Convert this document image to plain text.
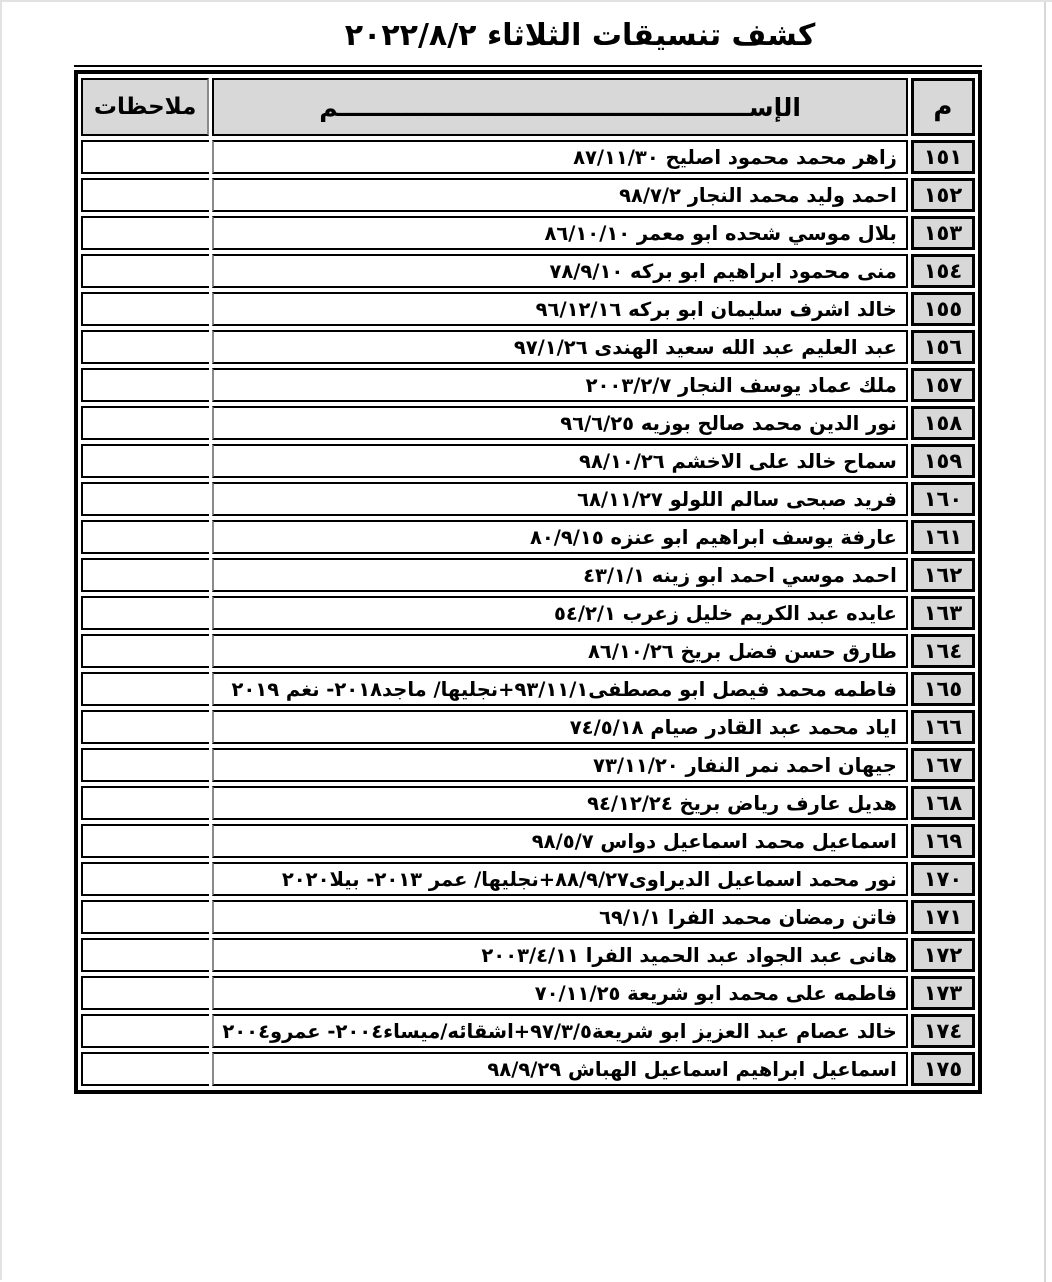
كشف تنسيقات الثلاثاء ٢٠٢٢/٨/٢
م	الإســــــــــــــــــــــــــــــــــــــــــــــــم	ملاحظات
١٥١	زاهر محمد محمود اصليح ٨٧/١١/٣٠	
١٥٢	احمد وليد محمد النجار ٩٨/٧/٢	
١٥٣	بلال موسي شحده ابو معمر ٨٦/١٠/١٠	
١٥٤	منى محمود ابراهيم ابو بركه ٧٨/٩/١٠	
١٥٥	خالد اشرف سليمان ابو بركه ٩٦/١٢/١٦	
١٥٦	عبد العليم عبد الله سعيد الهندى ٩٧/١/٢٦	
١٥٧	ملك عماد يوسف النجار ٢٠٠٣/٢/٧	
١٥٨	نور الدين محمد صالح بوزيه ٩٦/٦/٢٥	
١٥٩	سماح خالد على الاخشم ٩٨/١٠/٢٦	
١٦٠	فريد صبحى سالم اللولو ٦٨/١١/٢٧	
١٦١	عارفة يوسف ابراهيم ابو عنزه ٨٠/٩/١٥	
١٦٢	احمد موسي احمد ابو زينه ٤٣/١/١	
١٦٣	عايده عبد الكريم خليل زعرب ٥٤/٢/١	
١٦٤	طارق حسن فضل بريخ ٨٦/١٠/٢٦	
١٦٥	فاطمه محمد فيصل ابو مصطفى٩٣/١١/١+نجليها/ ماجد٢٠١٨- نغم ٢٠١٩	
١٦٦	اياد محمد عبد القادر صيام ٧٤/٥/١٨	
١٦٧	جيهان احمد نمر النفار ٧٣/١١/٢٠	
١٦٨	هديل عارف رياض بريخ ٩٤/١٢/٢٤	
١٦٩	اسماعيل محمد اسماعيل دواس ٩٨/٥/٧	
١٧٠	نور محمد اسماعيل الديراوى٨٨/٩/٢٧+نجليها/ عمر ٢٠١٣- بيلا٢٠٢٠	
١٧١	فاتن رمضان محمد الفرا ٦٩/١/١	
١٧٢	هانى عبد الجواد عبد الحميد الفرا ٢٠٠٣/٤/١١	
١٧٣	فاطمه على محمد ابو شريعة ٧٠/١١/٢٥	
١٧٤	خالد عصام عبد العزيز ابو شريعة٩٧/٣/٥+اشقائه/ميساء٢٠٠٤- عمرو٢٠٠٤	
١٧٥	اسماعيل ابراهيم اسماعيل الهباش ٩٨/٩/٢٩	
